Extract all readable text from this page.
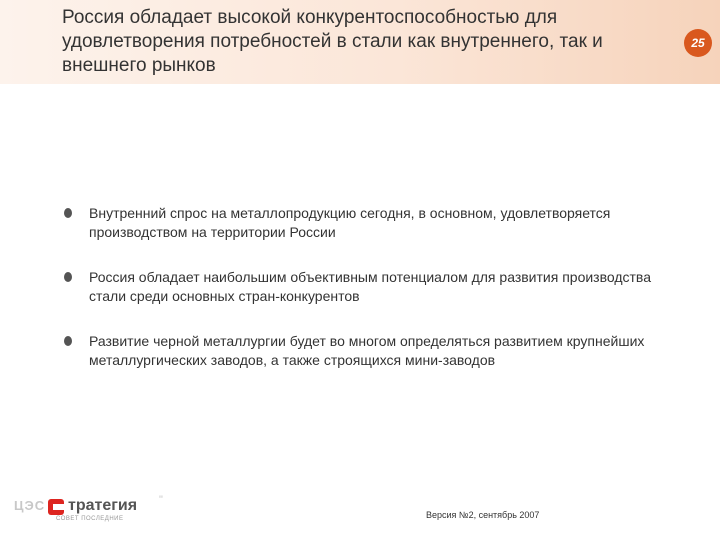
Россия обладает высокой конкурентоспособностью для удовлетворения потребностей в стали как внутреннего, так и внешнего рынков
25
Внутренний спрос на металлопродукцию сегодня, в основном, удовлетворяется производством на территории России
Россия обладает наибольшим объективным потенциалом для развития производства стали среди основных стран-конкурентов
Развитие черной металлургии будет во многом определяться развитием крупнейших металлургических заводов, а также строящихся мини-заводов
ЦЭС тратегия "
СОВЕТ ПОСЛЕДНИЕ	Версия №2, сентябрь 2007
